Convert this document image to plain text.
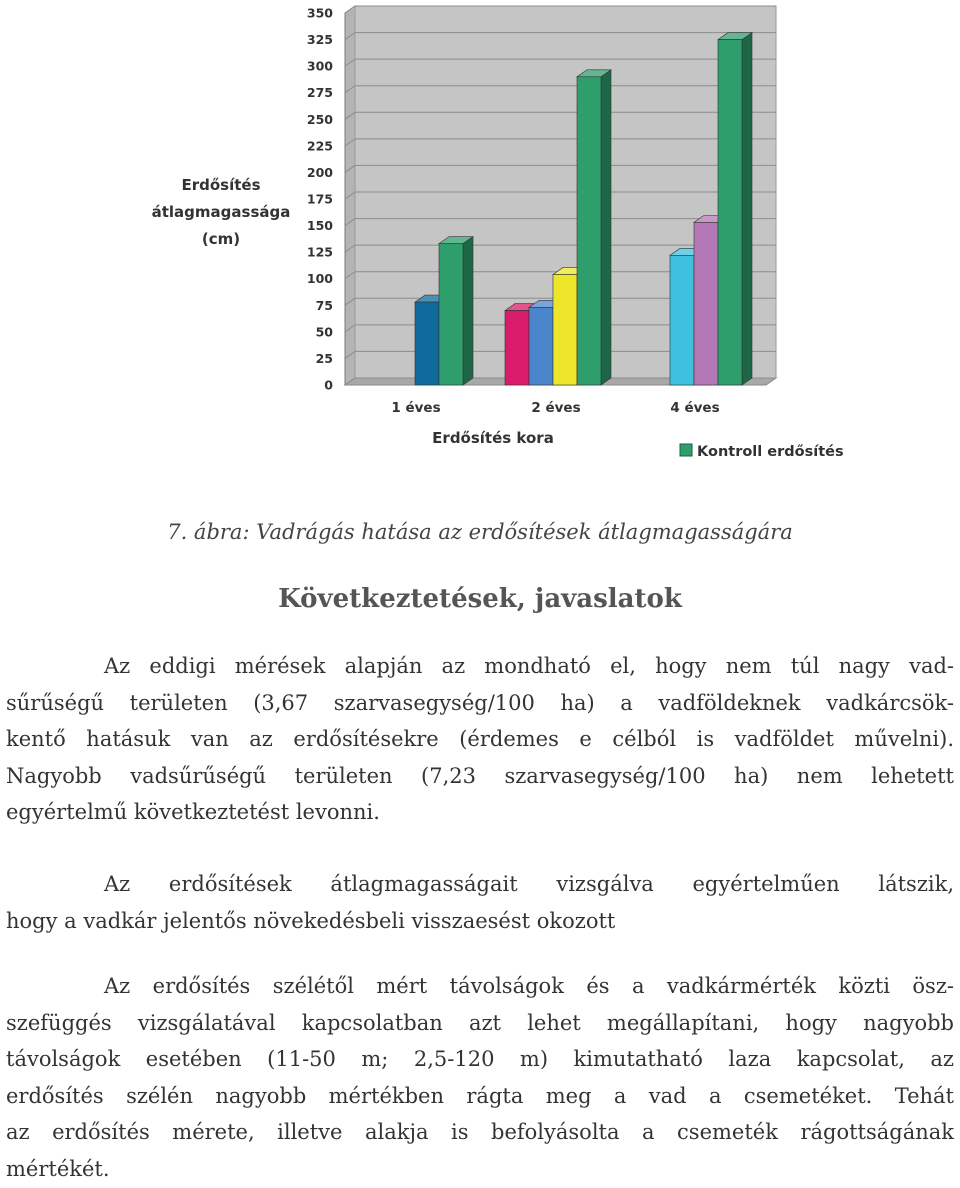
Erdősítés
átlagmagassága
(cm)
0
25
50
75
100
125
150
175
200
225
250
275
300
325
350
1 éves	2 éves	4 éves
Erdősítés kora
Kontroll erdősítés
7. ábra: Vadrágás hatása az erdősítések átlagmagasságára
Következtetések, javaslatok
Az eddigi mérések alapján az mondható el, hogy nem túl nagy vad-
sűrűségű területen (3,67 szarvasegység/100 ha) a vadföldeknek vadkárcsök-
kentő hatásuk van az erdősítésekre (érdemes e célból is vadföldet művelni).
Nagyobb vadsűrűségű területen (7,23 szarvasegység/100 ha) nem lehetett
egyértelmű következtetést levonni.
Az erdősítések átlagmagasságait vizsgálva egyértelműen látszik,
hogy a vadkár jelentős növekedésbeli visszaesést okozott
Az erdősítés szélétől mért távolságok és a vadkármérték közti ösz-
szefüggés vizsgálatával kapcsolatban azt lehet megállapítani, hogy nagyobb
távolságok esetében (11-50 m; 2,5-120 m) kimutatható laza kapcsolat, az
erdősítés szélén nagyobb mértékben rágta meg a vad a csemetéket. Tehát
az erdősítés mérete, illetve alakja is befolyásolta a csemeték rágottságának
mértékét.
